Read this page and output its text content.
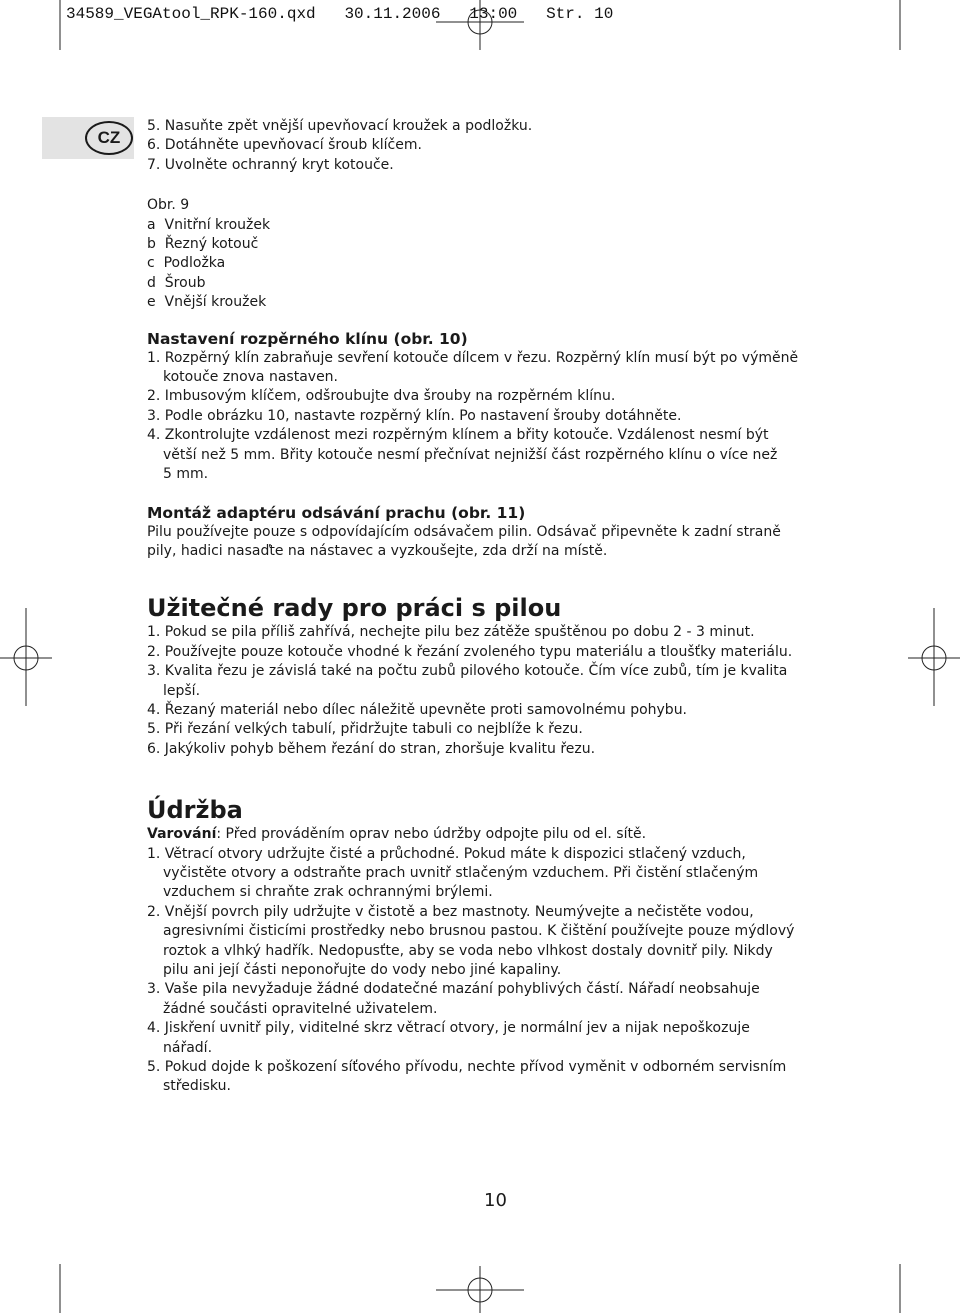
34589_VEGAtool_RPK-160.qxd   30.11.2006   13:00   Str. 10
CZ
5. Nasuňte zpět vnější upevňovací kroužek a podložku.
6. Dotáhněte upevňovací šroub klíčem.
7. Uvolněte ochranný kryt kotouče.
Obr. 9
a Vnitřní kroužek
b Řezný kotouč
c Podložka
d Šroub
e Vnější kroužek
Nastavení rozpěrného klínu (obr. 10)
1. Rozpěrný klín zabraňuje sevření kotouče dílcem v řezu. Rozpěrný klín musí být po výměně
kotouče znova nastaven.
2. Imbusovým klíčem, odšroubujte dva šrouby na rozpěrném klínu.
3. Podle obrázku 10, nastavte rozpěrný klín. Po nastavení šrouby dotáhněte.
4. Zkontrolujte vzdálenost mezi rozpěrným klínem a břity kotouče. Vzdálenost nesmí být
větší než 5 mm. Břity kotouče nesmí přečnívat nejnižší část rozpěrného klínu o více než
5 mm.
Montáž adaptéru odsávání prachu (obr. 11)
Pilu používejte pouze s odpovídajícím odsávačem pilin. Odsávač připevněte k zadní straně
pily, hadici nasaďte na nástavec a vyzkoušejte, zda drží na místě.
Užitečné rady pro práci s pilou
1. Pokud se pila příliš zahřívá, nechejte pilu bez zátěže spuštěnou po dobu 2 - 3 minut.
2. Používejte pouze kotouče vhodné k řezání zvoleného typu materiálu a tloušťky materiálu.
3. Kvalita řezu je závislá také na počtu zubů pilového kotouče. Čím více zubů, tím je kvalita
lepší.
4. Řezaný materiál nebo dílec náležitě upevněte proti samovolnému pohybu.
5. Při řezání velkých tabulí, přidržujte tabuli co nejblíže k řezu.
6. Jakýkoliv pohyb během řezání do stran, zhoršuje kvalitu řezu.
Údržba
Varování: Před prováděním oprav nebo údržby odpojte pilu od el. sítě.
1. Větrací otvory udržujte čisté a průchodné. Pokud máte k dispozici stlačený vzduch,
vyčistěte otvory a odstraňte prach uvnitř stlačeným vzduchem. Při čistění stlačeným
vzduchem si chraňte zrak ochrannými brýlemi.
2. Vnější povrch pily udržujte v čistotě a bez mastnoty. Neumývejte a nečistěte vodou,
agresivními čisticími prostředky nebo brusnou pastou. K čištění používejte pouze mýdlový
roztok a vlhký hadřík. Nedopusťte, aby se voda nebo vlhkost dostaly dovnitř pily. Nikdy
pilu ani její části neponořujte do vody nebo jiné kapaliny.
3. Vaše pila nevyžaduje žádné dodatečné mazání pohyblivých částí. Nářadí neobsahuje
žádné součásti opravitelné uživatelem.
4. Jiskření uvnitř pily, viditelné skrz větrací otvory, je normální jev a nijak nepoškozuje
nářadí.
5. Pokud dojde k poškození síťového přívodu, nechte přívod vyměnit v odborném servisním
středisku.
10
